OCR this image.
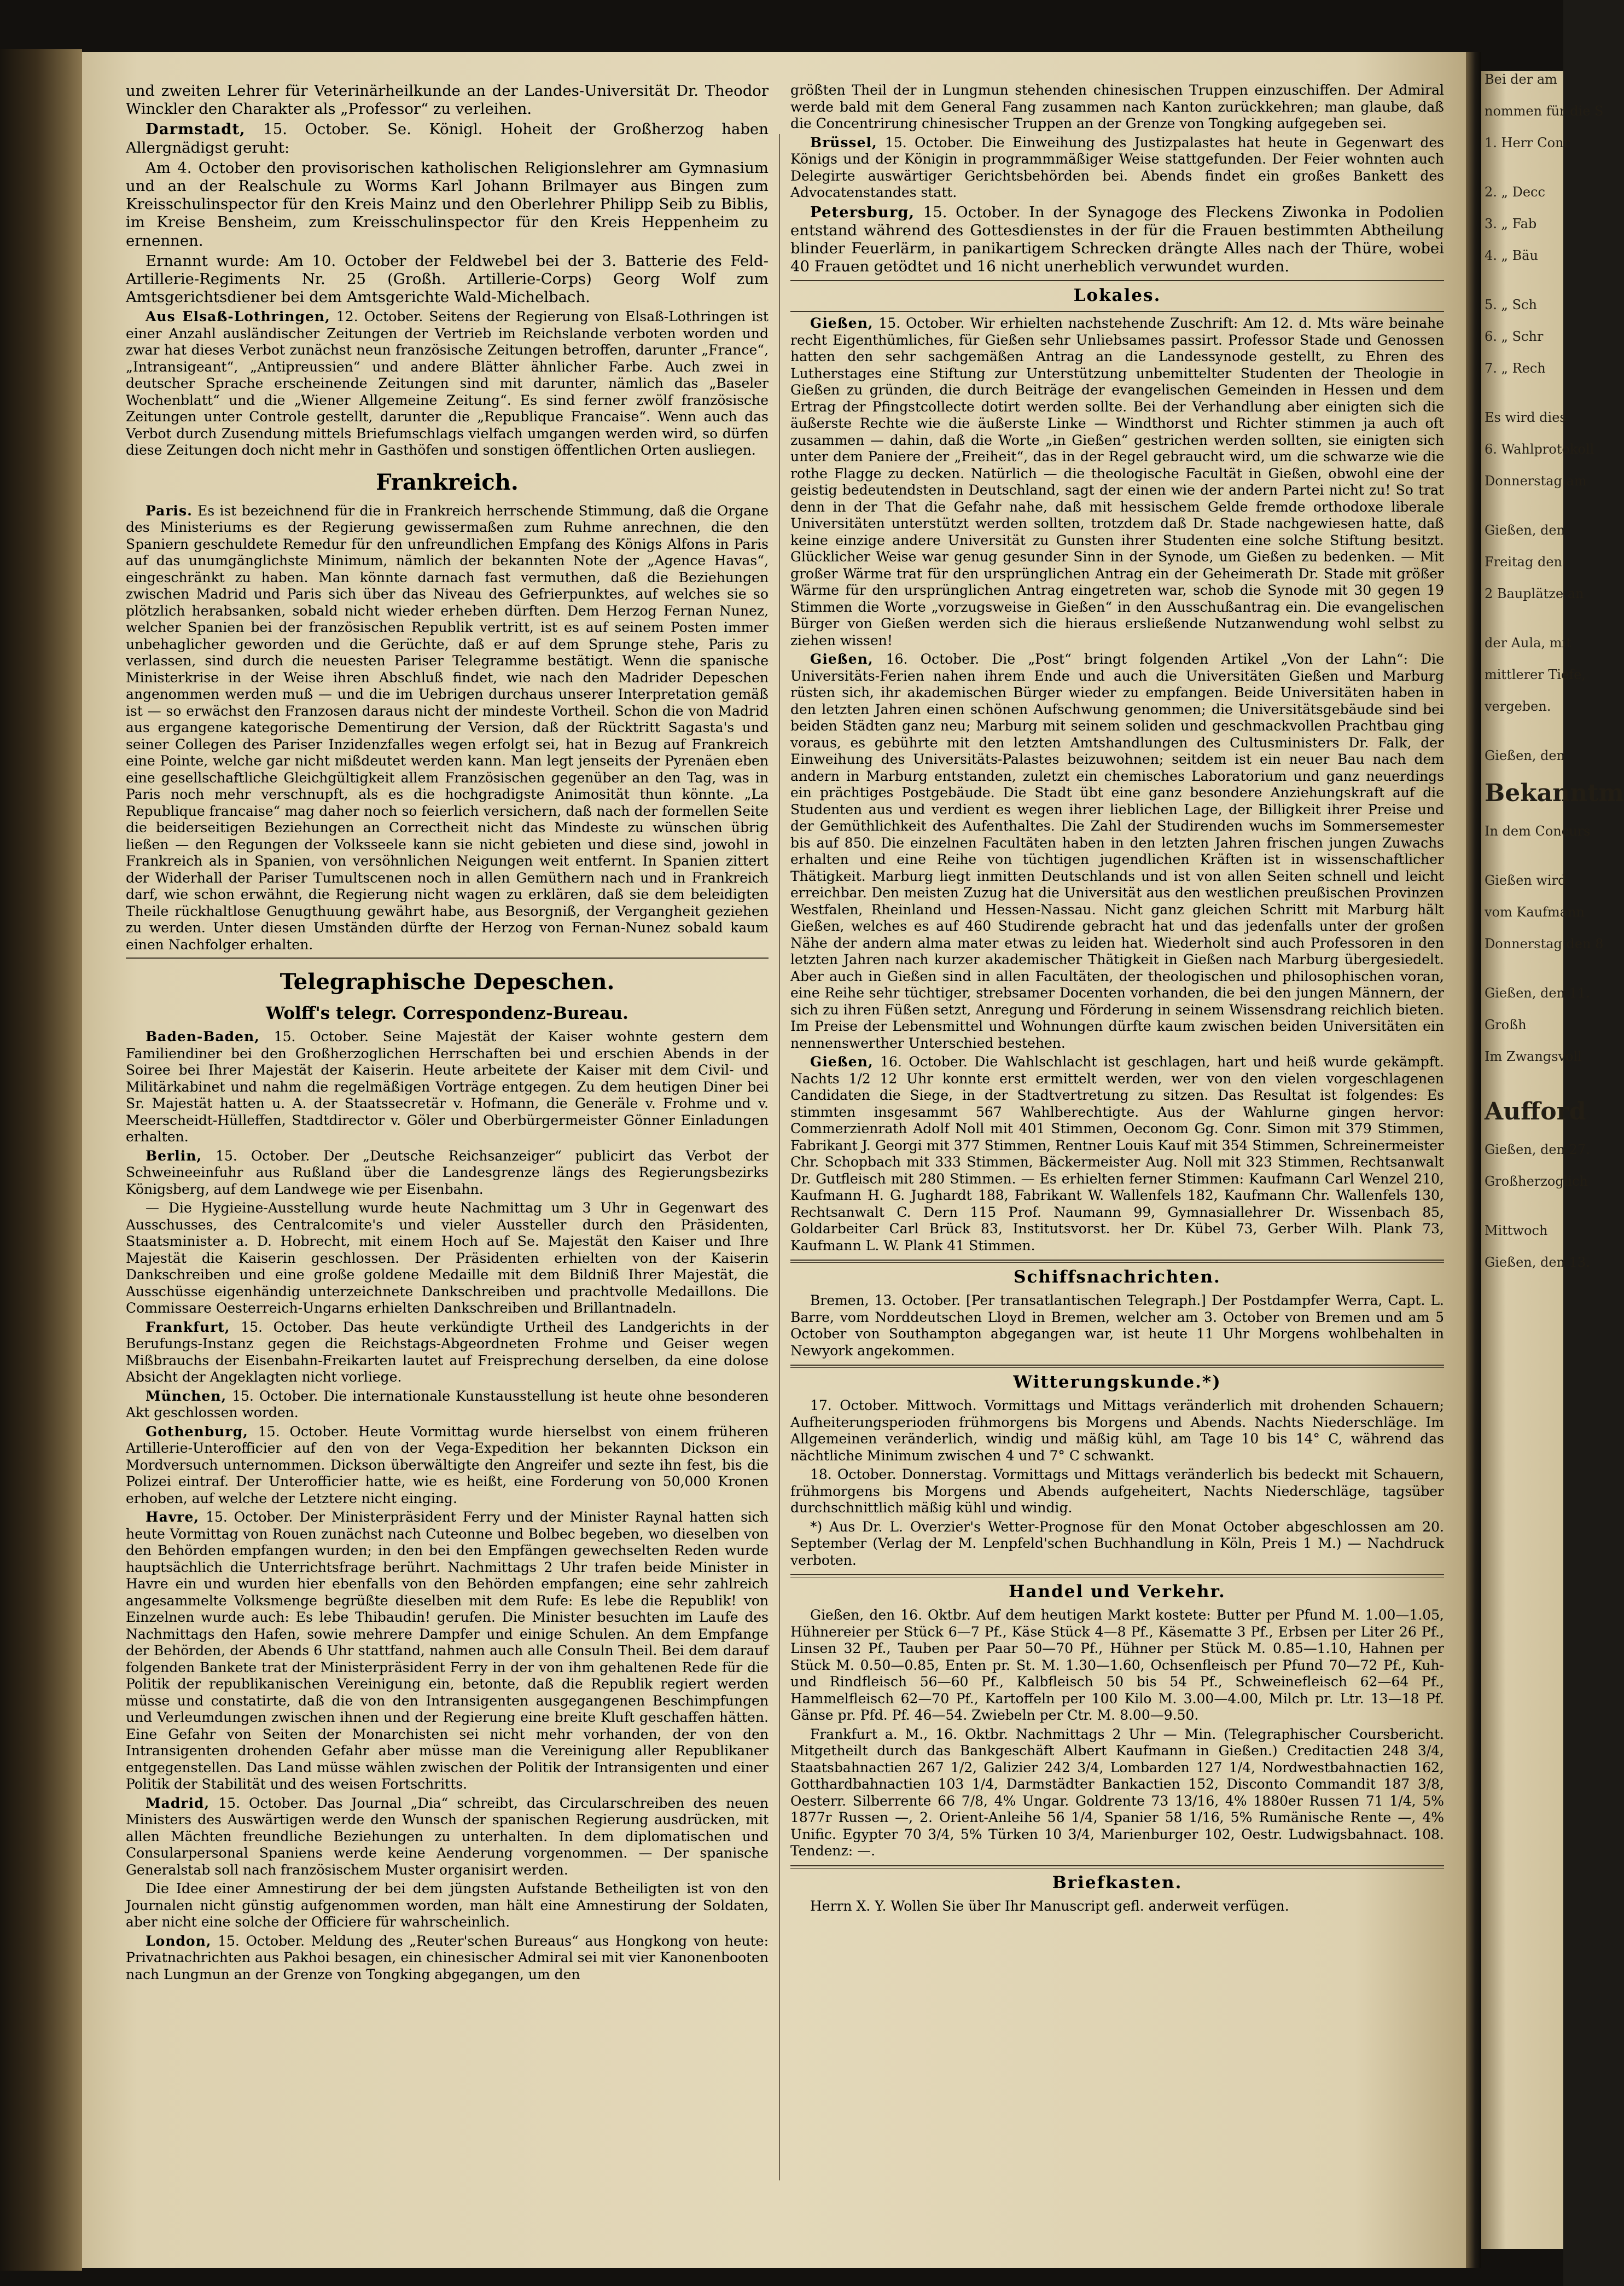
Bei der am
nommen für die S
1. Herr Conr
2. „ Decc
3. „ Fab
4. „ Bäu
5. „ Sch
6. „ Schr
7. „ Rech
Es wird dies
6. Wahlprotokoll
Donnerstag am
Gießen, den
Freitag den
2 Bauplätze an
der Aula, mit
mittlerer Tiefe,
vergeben.
Gießen, den
Bekanntm
In dem Concurs
Gießen wird
vom Kaufmann
Donnerstag den 8
Gießen, den 11.
Großh
Im Zwangsvoll
Aufford
Gießen, den 27.
Großherzoglich
Mittwoch
Gießen, den 13.

und zweiten Lehrer für Veterinärheilkunde an der Landes-Universität Dr. Theodor Winckler den Charakter als „Professor“ zu verleihen.

Darmstadt, 15. October. Se. Königl. Hoheit der Großherzog haben Allergnädigst geruht:

Am 4. October den provisorischen katholischen Religionslehrer am Gymnasium und an der Realschule zu Worms Karl Johann Brilmayer aus Bingen zum Kreisschulinspector für den Kreis Mainz und den Oberlehrer Philipp Seib zu Biblis, im Kreise Bensheim, zum Kreisschulinspector für den Kreis Heppenheim zu ernennen.

Ernannt wurde: Am 10. October der Feldwebel bei der 3. Batterie des Feld-Artillerie-Regiments Nr. 25 (Großh. Artillerie-Corps) Georg Wolf zum Amtsgerichtsdiener bei dem Amtsgerichte Wald-Michelbach.

Aus Elsaß-Lothringen, 12. October. Seitens der Regierung von Elsaß-Lothringen ist einer Anzahl ausländischer Zeitungen der Vertrieb im Reichslande verboten worden und zwar hat dieses Verbot zunächst neun französische Zeitungen betroffen, darunter „France“, „Intransigeant“, „Antipreussien“ und andere Blätter ähnlicher Farbe. Auch zwei in deutscher Sprache erscheinende Zeitungen sind mit darunter, nämlich das „Baseler Wochenblatt“ und die „Wiener Allgemeine Zeitung“. Es sind ferner zwölf französische Zeitungen unter Controle gestellt, darunter die „Republique Francaise“. Wenn auch das Verbot durch Zusendung mittels Briefumschlags vielfach umgangen werden wird, so dürfen diese Zeitungen doch nicht mehr in Gasthöfen und sonstigen öffentlichen Orten ausliegen.

Frankreich.

Paris. Es ist bezeichnend für die in Frankreich herrschende Stimmung, daß die Organe des Ministeriums es der Regierung gewissermaßen zum Ruhme anrechnen, die den Spaniern geschuldete Remedur für den unfreundlichen Empfang des Königs Alfons in Paris auf das unumgänglichste Minimum, nämlich der bekannten Note der „Agence Havas“, eingeschränkt zu haben. Man könnte darnach fast vermuthen, daß die Beziehungen zwischen Madrid und Paris sich über das Niveau des Gefrierpunktes, auf welches sie so plötzlich herabsanken, sobald nicht wieder erheben dürften. Dem Herzog Fernan Nunez, welcher Spanien bei der französischen Republik vertritt, ist es auf seinem Posten immer unbehaglicher geworden und die Gerüchte, daß er auf dem Sprunge stehe, Paris zu verlassen, sind durch die neuesten Pariser Telegramme bestätigt. Wenn die spanische Ministerkrise in der Weise ihren Abschluß findet, wie nach den Madrider Depeschen angenommen werden muß — und die im Uebrigen durchaus unserer Interpretation gemäß ist — so erwächst den Franzosen daraus nicht der mindeste Vortheil. Schon die von Madrid aus ergangene kategorische Dementirung der Version, daß der Rücktritt Sagasta's und seiner Collegen des Pariser Inzidenzfalles wegen erfolgt sei, hat in Bezug auf Frankreich eine Pointe, welche gar nicht mißdeutet werden kann. Man legt jenseits der Pyrenäen eben eine gesellschaftliche Gleichgültigkeit allem Französischen gegenüber an den Tag, was in Paris noch mehr verschnupft, als es die hochgradigste Animosität thun könnte. „La Republique francaise“ mag daher noch so feierlich versichern, daß nach der formellen Seite die beiderseitigen Beziehungen an Correctheit nicht das Mindeste zu wünschen übrig ließen — den Regungen der Volksseele kann sie nicht gebieten und diese sind, jowohl in Frankreich als in Spanien, von versöhnlichen Neigungen weit entfernt. In Spanien zittert der Widerhall der Pariser Tumultscenen noch in allen Gemüthern nach und in Frankreich darf, wie schon erwähnt, die Regierung nicht wagen zu erklären, daß sie dem beleidigten Theile rückhaltlose Genugthuung gewährt habe, aus Besorgniß, der Vergangheit geziehen zu werden. Unter diesen Umständen dürfte der Herzog von Fernan-Nunez sobald kaum einen Nachfolger erhalten.

Telegraphische Depeschen.
Wolff's telegr. Correspondenz-Bureau.

Baden-Baden, 15. October. Seine Majestät der Kaiser wohnte gestern dem Familiendiner bei den Großherzoglichen Herrschaften bei und erschien Abends in der Soiree bei Ihrer Majestät der Kaiserin. Heute arbeitete der Kaiser mit dem Civil- und Militärkabinet und nahm die regelmäßigen Vorträge entgegen. Zu dem heutigen Diner bei Sr. Majestät hatten u. A. der Staatssecretär v. Hofmann, die Generäle v. Frohme und v. Meerscheidt-Hülleffen, Stadtdirector v. Göler und Oberbürgermeister Gönner Einladungen erhalten.

Berlin, 15. October. Der „Deutsche Reichsanzeiger“ publicirt das Verbot der Schweineeinfuhr aus Rußland über die Landesgrenze längs des Regierungsbezirks Königsberg, auf dem Landwege wie per Eisenbahn.

— Die Hygieine-Ausstellung wurde heute Nachmittag um 3 Uhr in Gegenwart des Ausschusses, des Centralcomite's und vieler Aussteller durch den Präsidenten, Staatsminister a. D. Hobrecht, mit einem Hoch auf Se. Majestät den Kaiser und Ihre Majestät die Kaiserin geschlossen. Der Präsidenten erhielten von der Kaiserin Dankschreiben und eine große goldene Medaille mit dem Bildniß Ihrer Majestät, die Ausschüsse eigenhändig unterzeichnete Dankschreiben und prachtvolle Medaillons. Die Commissare Oesterreich-Ungarns erhielten Dankschreiben und Brillantnadeln.

Frankfurt, 15. October. Das heute verkündigte Urtheil des Landgerichts in der Berufungs-Instanz gegen die Reichstags-Abgeordneten Frohme und Geiser wegen Mißbrauchs der Eisenbahn-Freikarten lautet auf Freisprechung derselben, da eine dolose Absicht der Angeklagten nicht vorliege.

München, 15. October. Die internationale Kunstausstellung ist heute ohne besonderen Akt geschlossen worden.

Gothenburg, 15. October. Heute Vormittag wurde hierselbst von einem früheren Artillerie-Unterofficier auf den von der Vega-Expedition her bekannten Dickson ein Mordversuch unternommen. Dickson überwältigte den Angreifer und sezte ihn fest, bis die Polizei eintraf. Der Unterofficier hatte, wie es heißt, eine Forderung von 50,000 Kronen erhoben, auf welche der Letztere nicht einging.

Havre, 15. October. Der Ministerpräsident Ferry und der Minister Raynal hatten sich heute Vormittag von Rouen zunächst nach Cuteonne und Bolbec begeben, wo dieselben von den Behörden empfangen wurden; in den bei den Empfängen gewechselten Reden wurde hauptsächlich die Unterrichtsfrage berührt. Nachmittags 2 Uhr trafen beide Minister in Havre ein und wurden hier ebenfalls von den Behörden empfangen; eine sehr zahlreich angesammelte Volksmenge begrüßte dieselben mit dem Rufe: Es lebe die Republik! von Einzelnen wurde auch: Es lebe Thibaudin! gerufen. Die Minister besuchten im Laufe des Nachmittags den Hafen, sowie mehrere Dampfer und einige Schulen. An dem Empfange der Behörden, der Abends 6 Uhr stattfand, nahmen auch alle Consuln Theil. Bei dem darauf folgenden Bankete trat der Ministerpräsident Ferry in der von ihm gehaltenen Rede für die Politik der republikanischen Vereinigung ein, betonte, daß die Republik regiert werden müsse und constatirte, daß die von den Intransigenten ausgegangenen Beschimpfungen und Verleumdungen zwischen ihnen und der Regierung eine breite Kluft geschaffen hätten. Eine Gefahr von Seiten der Monarchisten sei nicht mehr vorhanden, der von den Intransigenten drohenden Gefahr aber müsse man die Vereinigung aller Republikaner entgegenstellen. Das Land müsse wählen zwischen der Politik der Intransigenten und einer Politik der Stabilität und des weisen Fortschritts.

Madrid, 15. October. Das Journal „Dia“ schreibt, das Circularschreiben des neuen Ministers des Auswärtigen werde den Wunsch der spanischen Regierung ausdrücken, mit allen Mächten freundliche Beziehungen zu unterhalten. In dem diplomatischen und Consularpersonal Spaniens werde keine Aenderung vorgenommen. — Der spanische Generalstab soll nach französischem Muster organisirt werden.

Die Idee einer Amnestirung der bei dem jüngsten Aufstande Betheiligten ist von den Journalen nicht günstig aufgenommen worden, man hält eine Amnestirung der Soldaten, aber nicht eine solche der Officiere für wahrscheinlich.

London, 15. October. Meldung des „Reuter'schen Bureaus“ aus Hongkong von heute: Privatnachrichten aus Pakhoi besagen, ein chinesischer Admiral sei mit vier Kanonenbooten nach Lungmun an der Grenze von Tongking abgegangen, um den

größten Theil der in Lungmun stehenden chinesischen Truppen einzuschiffen. Der Admiral werde bald mit dem General Fang zusammen nach Kanton zurückkehren; man glaube, daß die Concentrirung chinesischer Truppen an der Grenze von Tongking aufgegeben sei.

Brüssel, 15. October. Die Einweihung des Justizpalastes hat heute in Gegenwart des Königs und der Königin in programmmäßiger Weise stattgefunden. Der Feier wohnten auch Delegirte auswärtiger Gerichtsbehörden bei. Abends findet ein großes Bankett des Advocatenstandes statt.

Petersburg, 15. October. In der Synagoge des Fleckens Ziwonka in Podolien entstand während des Gottesdienstes in der für die Frauen bestimmten Abtheilung blinder Feuerlärm, in panikartigem Schrecken drängte Alles nach der Thüre, wobei 40 Frauen getödtet und 16 nicht unerheblich verwundet wurden.

Lokales.

Gießen, 15. October. Wir erhielten nachstehende Zuschrift: Am 12. d. Mts wäre beinahe recht Eigenthümliches, für Gießen sehr Unliebsames passirt. Professor Stade und Genossen hatten den sehr sachgemäßen Antrag an die Landessynode gestellt, zu Ehren des Lutherstages eine Stiftung zur Unterstützung unbemittelter Studenten der Theologie in Gießen zu gründen, die durch Beiträge der evangelischen Gemeinden in Hessen und dem Ertrag der Pfingstcollecte dotirt werden sollte. Bei der Verhandlung aber einigten sich die äußerste Rechte wie die äußerste Linke — Windthorst und Richter stimmen ja auch oft zusammen — dahin, daß die Worte „in Gießen“ gestrichen werden sollten, sie einigten sich unter dem Paniere der „Freiheit“, das in der Regel gebraucht wird, um die schwarze wie die rothe Flagge zu decken. Natürlich — die theologische Facultät in Gießen, obwohl eine der geistig bedeutendsten in Deutschland, sagt der einen wie der andern Partei nicht zu! So trat denn in der That die Gefahr nahe, daß mit hessischem Gelde fremde orthodoxe liberale Universitäten unterstützt werden sollten, trotzdem daß Dr. Stade nachgewiesen hatte, daß keine einzige andere Universität zu Gunsten ihrer Studenten eine solche Stiftung besitzt. Glücklicher Weise war genug gesunder Sinn in der Synode, um Gießen zu bedenken. — Mit großer Wärme trat für den ursprünglichen Antrag ein der Geheimerath Dr. Stade mit größer Wärme für den ursprünglichen Antrag eingetreten war, schob die Synode mit 30 gegen 19 Stimmen die Worte „vorzugsweise in Gießen“ in den Ausschußantrag ein. Die evangelischen Bürger von Gießen werden sich die hieraus ersließende Nutzanwendung wohl selbst zu ziehen wissen!

Gießen, 16. October. Die „Post“ bringt folgenden Artikel „Von der Lahn“: Die Universitäts-Ferien nahen ihrem Ende und auch die Universitäten Gießen und Marburg rüsten sich, ihr akademischen Bürger wieder zu empfangen. Beide Universitäten haben in den letzten Jahren einen schönen Aufschwung genommen; die Universitätsgebäude sind bei beiden Städten ganz neu; Marburg mit seinem soliden und geschmackvollen Prachtbau ging voraus, es gebührte mit den letzten Amtshandlungen des Cultusministers Dr. Falk, der Einweihung des Universitäts-Palastes beizuwohnen; seitdem ist ein neuer Bau nach dem andern in Marburg entstanden, zuletzt ein chemisches Laboratorium und ganz neuerdings ein prächtiges Postgebäude. Die Stadt übt eine ganz besondere Anziehungskraft auf die Studenten aus und verdient es wegen ihrer lieblichen Lage, der Billigkeit ihrer Preise und der Gemüthlichkeit des Aufenthaltes. Die Zahl der Studirenden wuchs im Sommersemester bis auf 850. Die einzelnen Facultäten haben in den letzten Jahren frischen jungen Zuwachs erhalten und eine Reihe von tüchtigen jugendlichen Kräften ist in wissenschaftlicher Thätigkeit. Marburg liegt inmitten Deutschlands und ist von allen Seiten schnell und leicht erreichbar. Den meisten Zuzug hat die Universität aus den westlichen preußischen Provinzen Westfalen, Rheinland und Hessen-Nassau. Nicht ganz gleichen Schritt mit Marburg hält Gießen, welches es auf 460 Studirende gebracht hat und das jedenfalls unter der großen Nähe der andern alma mater etwas zu leiden hat. Wiederholt sind auch Professoren in den letzten Jahren nach kurzer akademischer Thätigkeit in Gießen nach Marburg übergesiedelt. Aber auch in Gießen sind in allen Facultäten, der theologischen und philosophischen voran, eine Reihe sehr tüchtiger, strebsamer Docenten vorhanden, die bei den jungen Männern, der sich zu ihren Füßen setzt, Anregung und Förderung in seinem Wissensdrang reichlich bieten. Im Preise der Lebensmittel und Wohnungen dürfte kaum zwischen beiden Universitäten ein nennenswerther Unterschied bestehen.

Gießen, 16. October. Die Wahlschlacht ist geschlagen, hart und heiß wurde gekämpft. Nachts 1/2 12 Uhr konnte erst ermittelt werden, wer von den vielen vorgeschlagenen Candidaten die Siege, in der Stadtvertretung zu sitzen. Das Resultat ist folgendes: Es stimmten insgesammt 567 Wahlberechtigte. Aus der Wahlurne gingen hervor: Commerzienrath Adolf Noll mit 401 Stimmen, Oeconom Gg. Conr. Simon mit 379 Stimmen, Fabrikant J. Georgi mit 377 Stimmen, Rentner Louis Kauf mit 354 Stimmen, Schreinermeister Chr. Schopbach mit 333 Stimmen, Bäckermeister Aug. Noll mit 323 Stimmen, Rechtsanwalt Dr. Gutfleisch mit 280 Stimmen. — Es erhielten ferner Stimmen: Kaufmann Carl Wenzel 210, Kaufmann H. G. Jughardt 188, Fabrikant W. Wallenfels 182, Kaufmann Chr. Wallenfels 130, Rechtsanwalt C. Dern 115 Prof. Naumann 99, Gymnasiallehrer Dr. Wissenbach 85, Goldarbeiter Carl Brück 83, Institutsvorst. her Dr. Kübel 73, Gerber Wilh. Plank 73, Kaufmann L. W. Plank 41 Stimmen.

Schiffsnachrichten.

Bremen, 13. October. [Per transatlantischen Telegraph.] Der Postdampfer Werra, Capt. L. Barre, vom Norddeutschen Lloyd in Bremen, welcher am 3. October von Bremen und am 5 October von Southampton abgegangen war, ist heute 11 Uhr Morgens wohlbehalten in Newyork angekommen.

Witterungskunde.*)

17. October. Mittwoch. Vormittags und Mittags veränderlich mit drohenden Schauern; Aufheiterungsperioden frühmorgens bis Morgens und Abends. Nachts Niederschläge. Im Allgemeinen veränderlich, windig und mäßig kühl, am Tage 10 bis 14° C, während das nächtliche Minimum zwischen 4 und 7° C schwankt.

18. October. Donnerstag. Vormittags und Mittags veränderlich bis bedeckt mit Schauern, frühmorgens bis Morgens und Abends aufgeheitert, Nachts Niederschläge, tagsüber durchschnittlich mäßig kühl und windig.

*) Aus Dr. L. Overzier's Wetter-Prognose für den Monat October abgeschlossen am 20. September (Verlag der M. Lenpfeld'schen Buchhandlung in Köln, Preis 1 M.) — Nachdruck verboten.

Handel und Verkehr.

Gießen, den 16. Oktbr. Auf dem heutigen Markt kostete: Butter per Pfund M. 1.00—1.05, Hühnereier per Stück 6—7 Pf., Käse Stück 4—8 Pf., Käsematte 3 Pf., Erbsen per Liter 26 Pf., Linsen 32 Pf., Tauben per Paar 50—70 Pf., Hühner per Stück M. 0.85—1.10, Hahnen per Stück M. 0.50—0.85, Enten pr. St. M. 1.30—1.60, Ochsenfleisch per Pfund 70—72 Pf., Kuh- und Rindfleisch 56—60 Pf., Kalbfleisch 50 bis 54 Pf., Schweinefleisch 62—64 Pf., Hammelfleisch 62—70 Pf., Kartoffeln per 100 Kilo M. 3.00—4.00, Milch pr. Ltr. 13—18 Pf. Gänse pr. Pfd. Pf. 46—54. Zwiebeln per Ctr. M. 8.00—9.50.

Frankfurt a. M., 16. Oktbr. Nachmittags 2 Uhr — Min. (Telegraphischer Coursbericht. Mitgetheilt durch das Bankgeschäft Albert Kaufmann in Gießen.) Creditactien 248 3/4, Staatsbahnactien 267 1/2, Galizier 242 3/4, Lombarden 127 1/4, Nordwestbahnactien 162, Gotthardbahnactien 103 1/4, Darmstädter Bankactien 152, Disconto Commandit 187 3/8, Oesterr. Silberrente 66 7/8, 4% Ungar. Goldrente 73 13/16, 4% 1880er Russen 71 1/4, 5% 1877r Russen —, 2. Orient-Anleihe 56 1/4, Spanier 58 1/16, 5% Rumänische Rente —, 4% Unific. Egypter 70 3/4, 5% Türken 10 3/4, Marienburger 102, Oestr. Ludwigsbahnact. 108. Tendenz: —.

Briefkasten.

Herrn X. Y. Wollen Sie über Ihr Manuscript gefl. anderweit verfügen.
